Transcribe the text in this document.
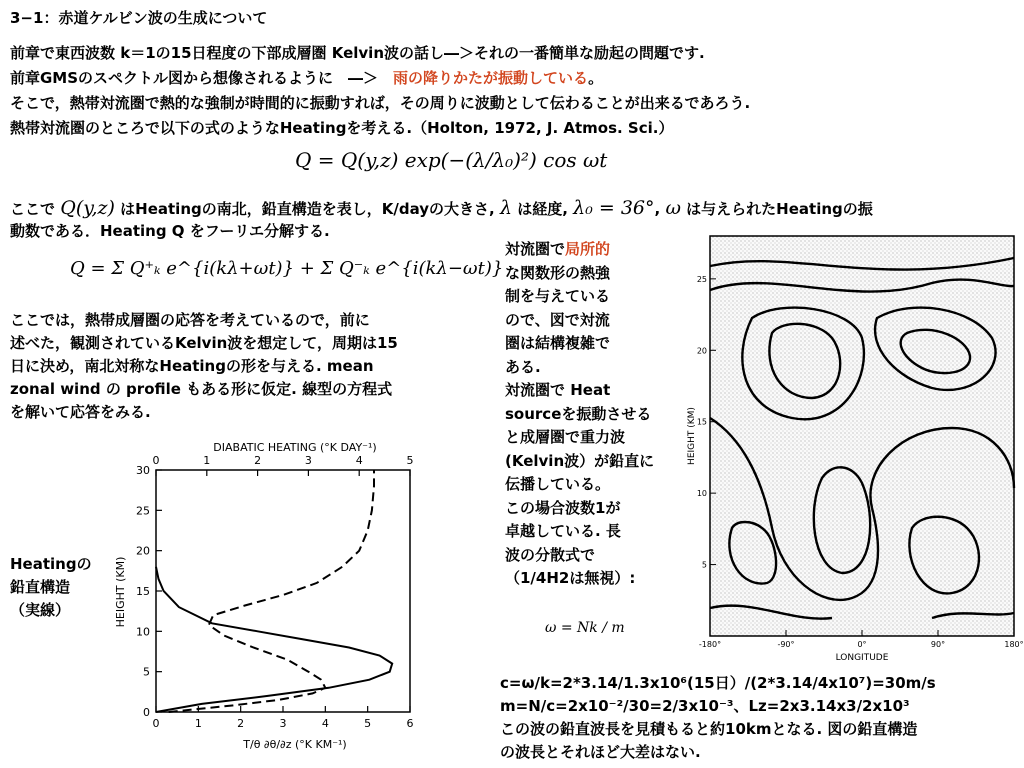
3−1：赤道ケルビン波の生成について
前章で東西波数 k＝1の15日程度の下部成層圏 Kelvin波の話し―＞それの一番簡単な励起の問題です.
前章GMSのスペクトル図から想像されるように　―＞　雨の降りかたが振動している。
そこで，熱帯対流圏で熱的な強制が時間的に振動すれば，その周りに波動として伝わることが出来るであろう.
熱帯対流圏のところで以下の式のようなHeatingを考える.（Holton, 1972, J. Atmos. Sci.）
Q = Q(y,z) exp(−(λ/λ₀)²) cos ωt
ここで Q(y,z) はHeatingの南北，鉛直構造を表し，K/dayの大きさ, λ は経度, λ₀ = 36°, ω は与えられたHeatingの振
動数である．Heating Q をフーリエ分解する.
Q = Σ Q⁺ₖ e^{i(kλ+ωt)} + Σ Q⁻ₖ e^{i(kλ−ωt)}
ここでは，熱帯成層圏の応答を考えているので，前に
述べた，観測されているKelvin波を想定して，周期は15
日に決め，南北対称なHeatingの形を与える. mean
zonal wind の profile もある形に仮定. 線型の方程式
を解いて応答をみる.
Heatingの
鉛直構造
（実線）
対流圏で局所的
な関数形の熱強
制を与えている
ので、図で対流
圏は結構複雑で
ある.
対流圏で Heat
sourceを振動させる
と成層圏で重力波
(Kelvin波）が鉛直に
伝播している。
この場合波数1が
卓越している. 長
波の分散式で
（1/4H2は無視）:
ω = Nk / m
c=ω/k=2*3.14/1.3x10⁶(15日）/(2*3.14/4x10⁷)=30m/s
m=N/c=2x10⁻²/30=2/3x10⁻³、Lz=2x3.14x3/2x10³
この波の鉛直波長を見積もると約10kmとなる. 図の鉛直構造
の波長とそれほど大差はない.
DIABATIC HEATING (°K DAY⁻¹)
0	1	2	3	4	5
0
5
10
15
20
25
30
0	1	2	3	4	5	6
HEIGHT (KM)
T/θ ∂θ/∂z (°K KM⁻¹)
5
10
15
20
25
-180°	-90°	0°	90°	180°
HEIGHT (KM)
LONGITUDE
